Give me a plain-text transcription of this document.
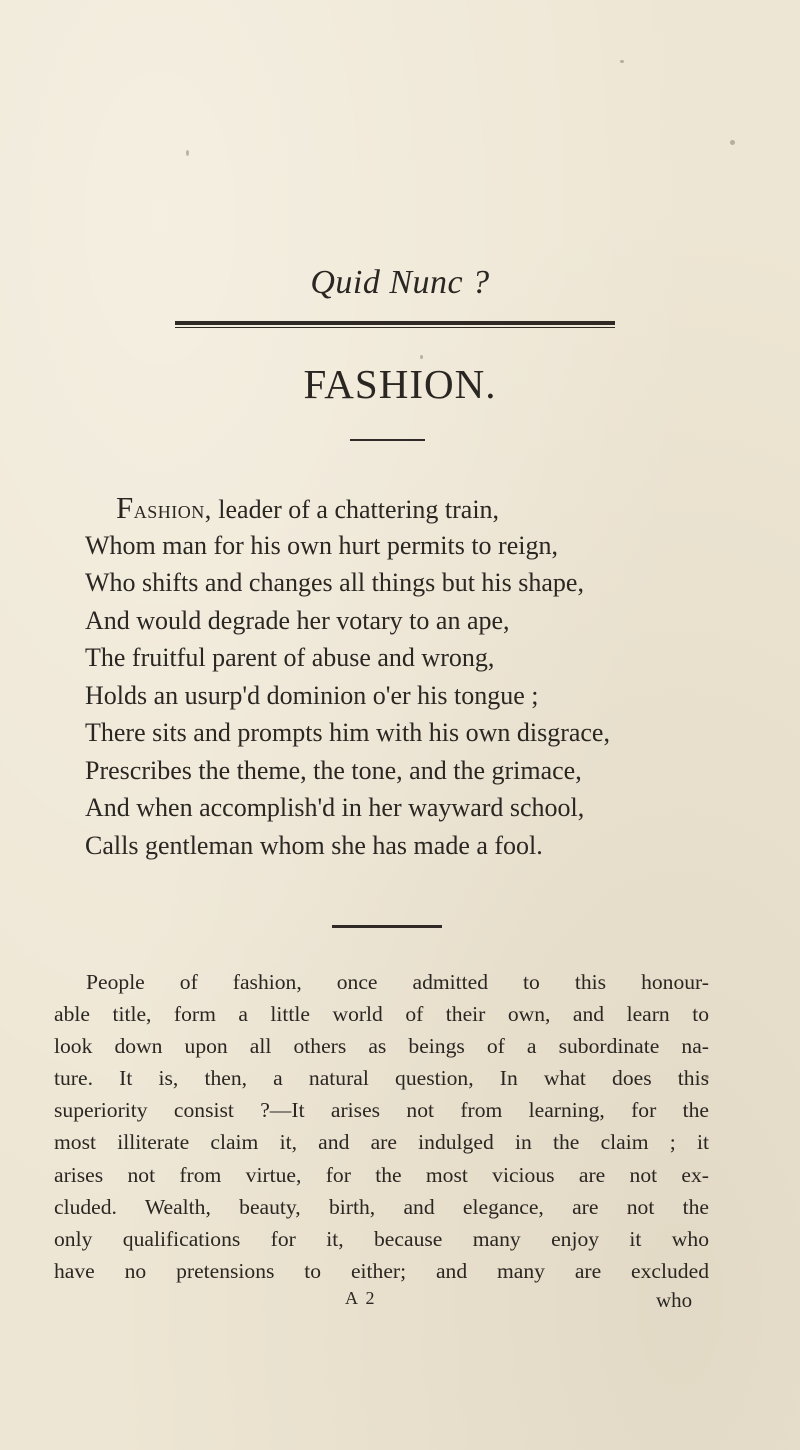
Quid Nunc ?
FASHION.
Fashion, leader of a chattering train,
Whom man for his own hurt permits to reign,
Who shifts and changes all things but his shape,
And would degrade her votary to an ape,
The fruitful parent of abuse and wrong,
Holds an usurp'd dominion o'er his tongue ;
There sits and prompts him with his own disgrace,
Prescribes the theme, the tone, and the grimace,
And when accomplish'd in her wayward school,
Calls gentleman whom she has made a fool.
People of fashion, once admitted to this honour-
able title, form a little world of their own, and learn to
look down upon all others as beings of a subordinate na-
ture. It is, then, a natural question, In what does this
superiority consist ?—It arises not from learning, for the
most illiterate claim it, and are indulged in the claim ; it
arises not from virtue, for the most vicious are not ex-
cluded. Wealth, beauty, birth, and elegance, are not the
only qualifications for it, because many enjoy it who
have no pretensions to either; and many are excluded
A 2	who
